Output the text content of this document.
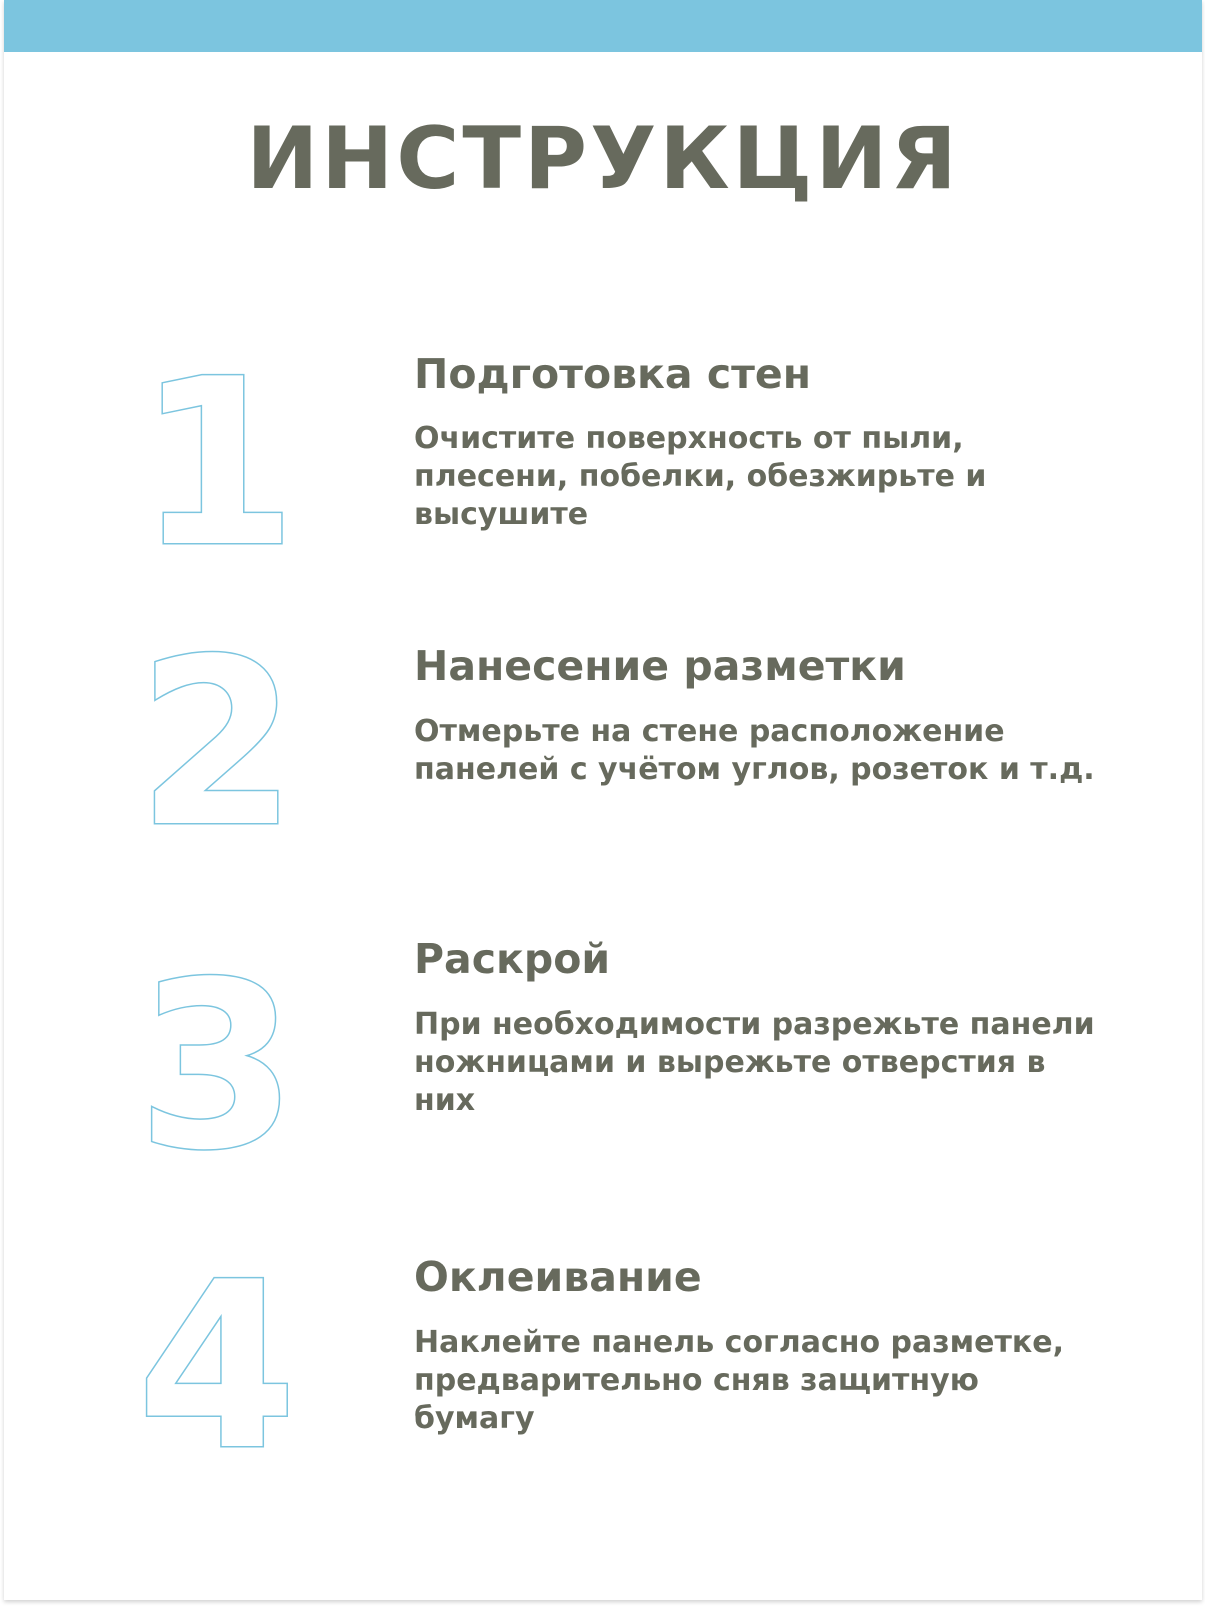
ИНСТРУКЦИЯ
1	Подготовка стен
Очистите поверхность от пыли,
плесени, побелки, обезжирьте и
высушите
2	Нанесение разметки
Отмерьте на стене расположение
панелей с учётом углов, розеток и т.д.
3	Раскрой
При необходимости разрежьте панели
ножницами и вырежьте отверстия в
них
4	Оклеивание
Наклейте панель согласно разметке,
предварительно сняв защитную
бумагу
